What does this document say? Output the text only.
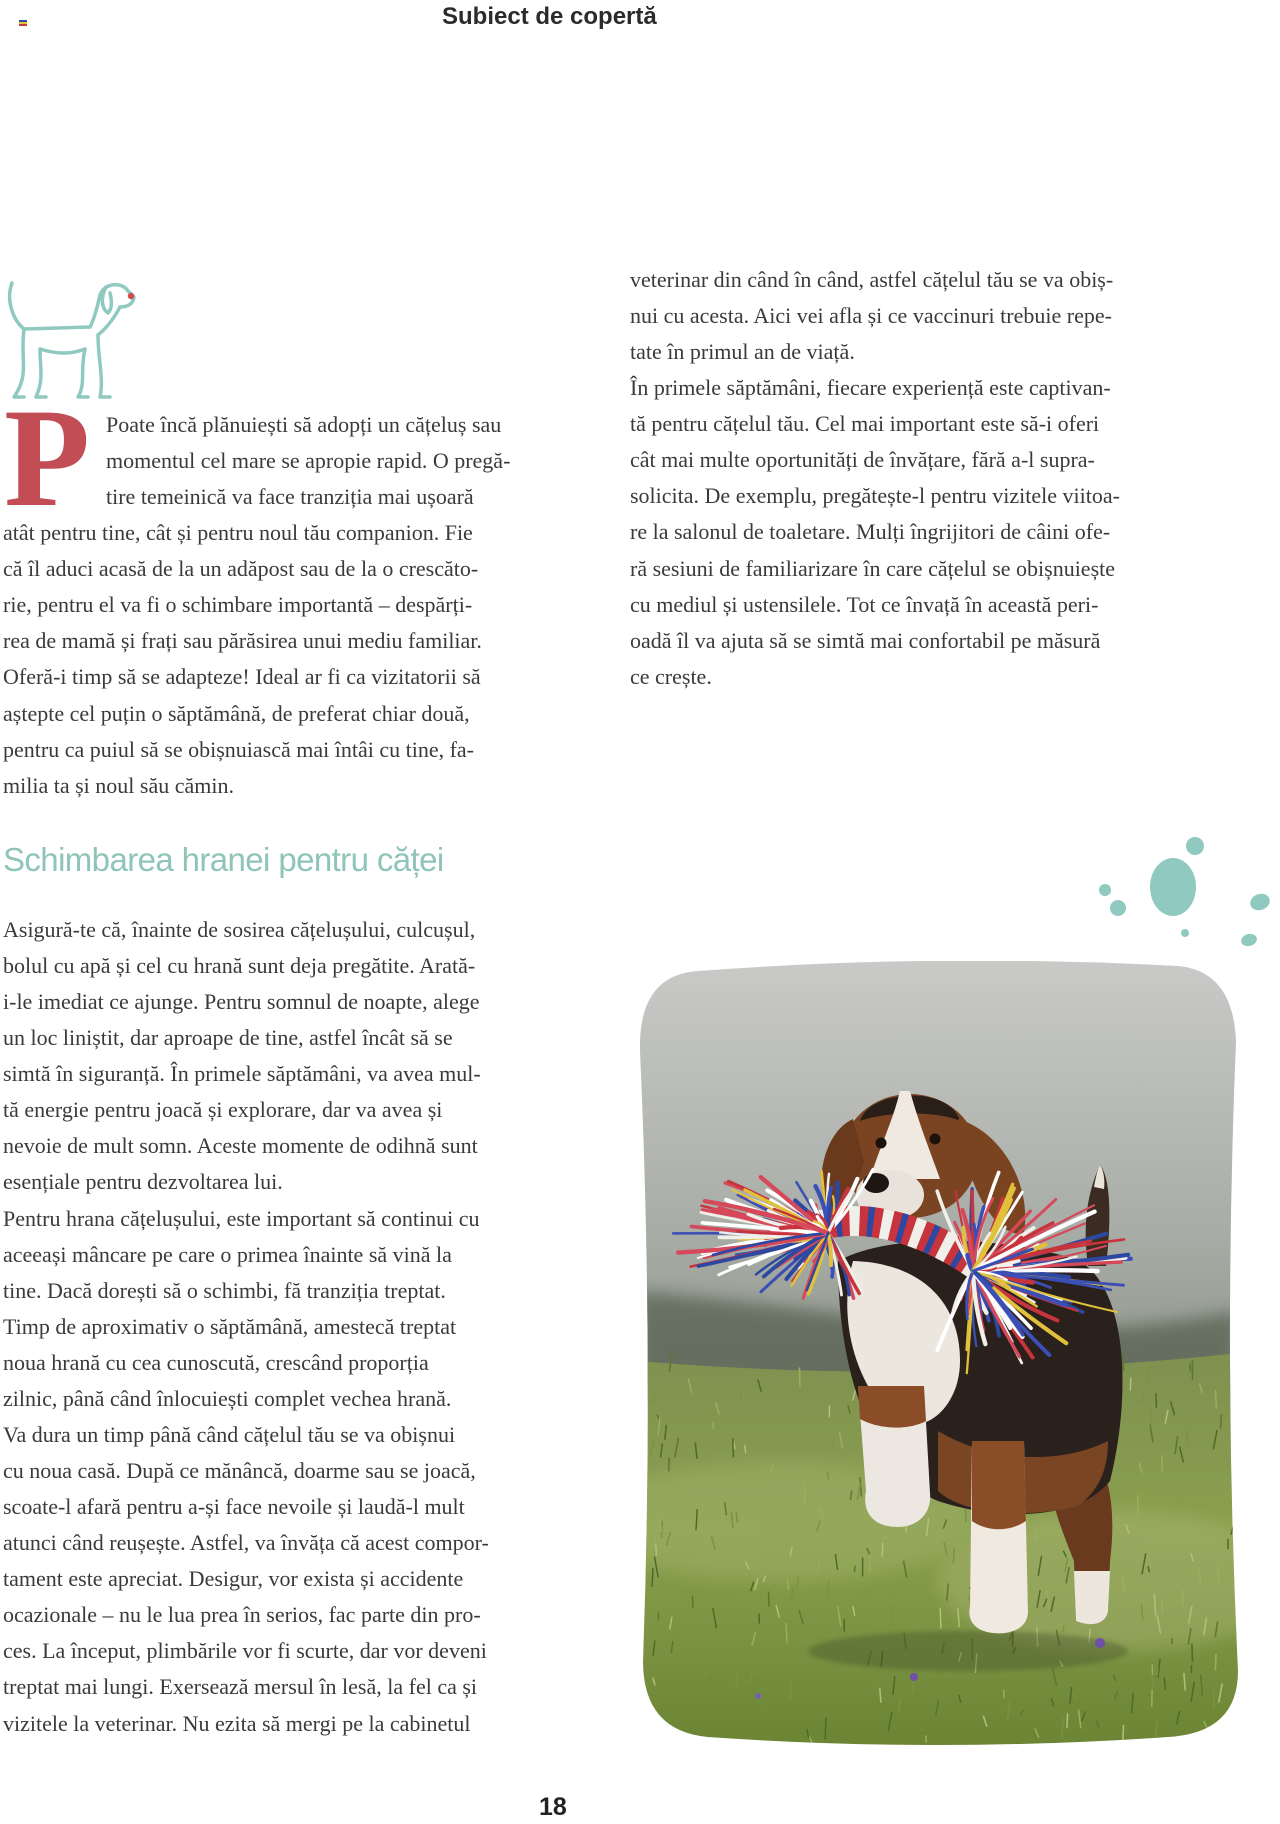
Subiect de copertă
P Poate încă plănuiești să adopți un cățeluș sau
momentul cel mare se apropie rapid. O pregă-
tire temeinică va face tranziția mai ușoară
atât pentru tine, cât și pentru noul tău companion. Fie
că îl aduci acasă de la un adăpost sau de la o crescăto-
rie, pentru el va fi o schimbare importantă – despărți-
rea de mamă și frați sau părăsirea unui mediu familiar.
Oferă-i timp să se adapteze! Ideal ar fi ca vizitatorii să
aștepte cel puțin o săptămână, de preferat chiar două,
pentru ca puiul să se obișnuiască mai întâi cu tine, fa-
milia ta și noul său cămin.
veterinar din când în când, astfel cățelul tău se va obiș-
nui cu acesta. Aici vei afla și ce vaccinuri trebuie repe-
tate în primul an de viață.
În primele săptămâni, fiecare experiență este captivan-
tă pentru cățelul tău. Cel mai important este să-i oferi
cât mai multe oportunități de învățare, fără a-l supra-
solicita. De exemplu, pregătește-l pentru vizitele viitoa-
re la salonul de toaletare. Mulți îngrijitori de câini ofe-
ră sesiuni de familiarizare în care cățelul se obișnuiește
cu mediul și ustensilele. Tot ce învață în această peri-
oadă îl va ajuta să se simtă mai confortabil pe măsură
ce crește.
Schimbarea hranei pentru căței
Asigură-te că, înainte de sosirea cățelușului, culcușul,
bolul cu apă și cel cu hrană sunt deja pregătite. Arată-
i-le imediat ce ajunge. Pentru somnul de noapte, alege
un loc liniștit, dar aproape de tine, astfel încât să se
simtă în siguranță. În primele săptămâni, va avea mul-
tă energie pentru joacă și explorare, dar va avea și
nevoie de mult somn. Aceste momente de odihnă sunt
esențiale pentru dezvoltarea lui.
Pentru hrana cățelușului, este important să continui cu
aceeași mâncare pe care o primea înainte să vină la
tine. Dacă dorești să o schimbi, fă tranziția treptat.
Timp de aproximativ o săptămână, amestecă treptat
noua hrană cu cea cunoscută, crescând proporția
zilnic, până când înlocuiești complet vechea hrană.
Va dura un timp până când cățelul tău se va obișnui
cu noua casă. După ce mănâncă, doarme sau se joacă,
scoate-l afară pentru a-și face nevoile și laudă-l mult
atunci când reușește. Astfel, va învăța că acest compor-
tament este apreciat. Desigur, vor exista și accidente
ocazionale – nu le lua prea în serios, fac parte din pro-
ces. La început, plimbările vor fi scurte, dar vor deveni
treptat mai lungi. Exersează mersul în lesă, la fel ca și
vizitele la veterinar. Nu ezita să mergi pe la cabinetul
18
